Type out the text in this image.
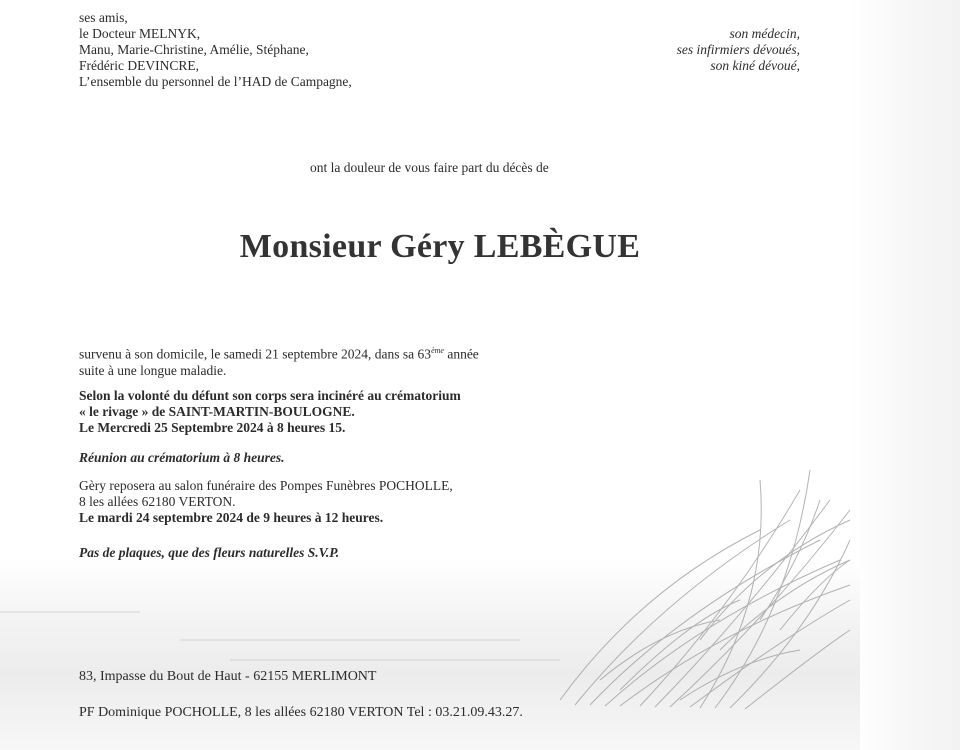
ses amis,
le Docteur MELNYK,
Manu, Marie-Christine, Amélie, Stéphane,
Frédéric DEVINCRE,
L’ensemble du personnel de l’HAD de Campagne,
son médecin,
ses infirmiers dévoués,
son kiné dévoué,
ont la douleur de vous faire part du décès de
Monsieur Géry LEBÈGUE
survenu à son domicile, le samedi 21 septembre 2024, dans sa 63ème année
suite à une longue maladie.
Selon la volonté du défunt son corps sera incinéré au crématorium
« le rivage » de SAINT-MARTIN-BOULOGNE.
Le Mercredi 25 Septembre 2024 à 8 heures 15.
Réunion au crématorium à 8 heures.
Gèry reposera au salon funéraire des Pompes Funèbres POCHOLLE,
8 les allées 62180 VERTON.
Le mardi 24 septembre 2024 de 9 heures à 12 heures.
Pas de plaques, que des fleurs naturelles S.V.P.
83, Impasse du Bout de Haut - 62155 MERLIMONT
PF Dominique POCHOLLE, 8 les allées 62180 VERTON Tel : 03.21.09.43.27.
